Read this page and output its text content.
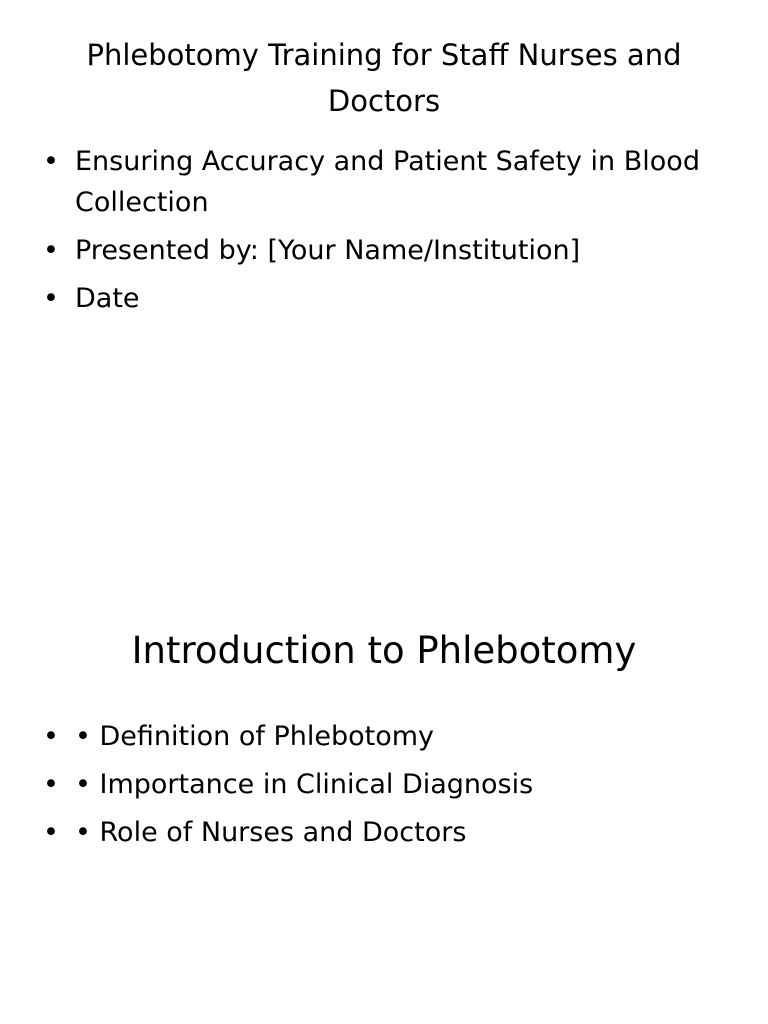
Phlebotomy Training for Staff Nurses and Doctors
• Ensuring Accuracy and Patient Safety in Blood Collection
• Presented by: [Your Name/Institution]
• Date
Introduction to Phlebotomy
• • Definition of Phlebotomy
• • Importance in Clinical Diagnosis
• • Role of Nurses and Doctors
